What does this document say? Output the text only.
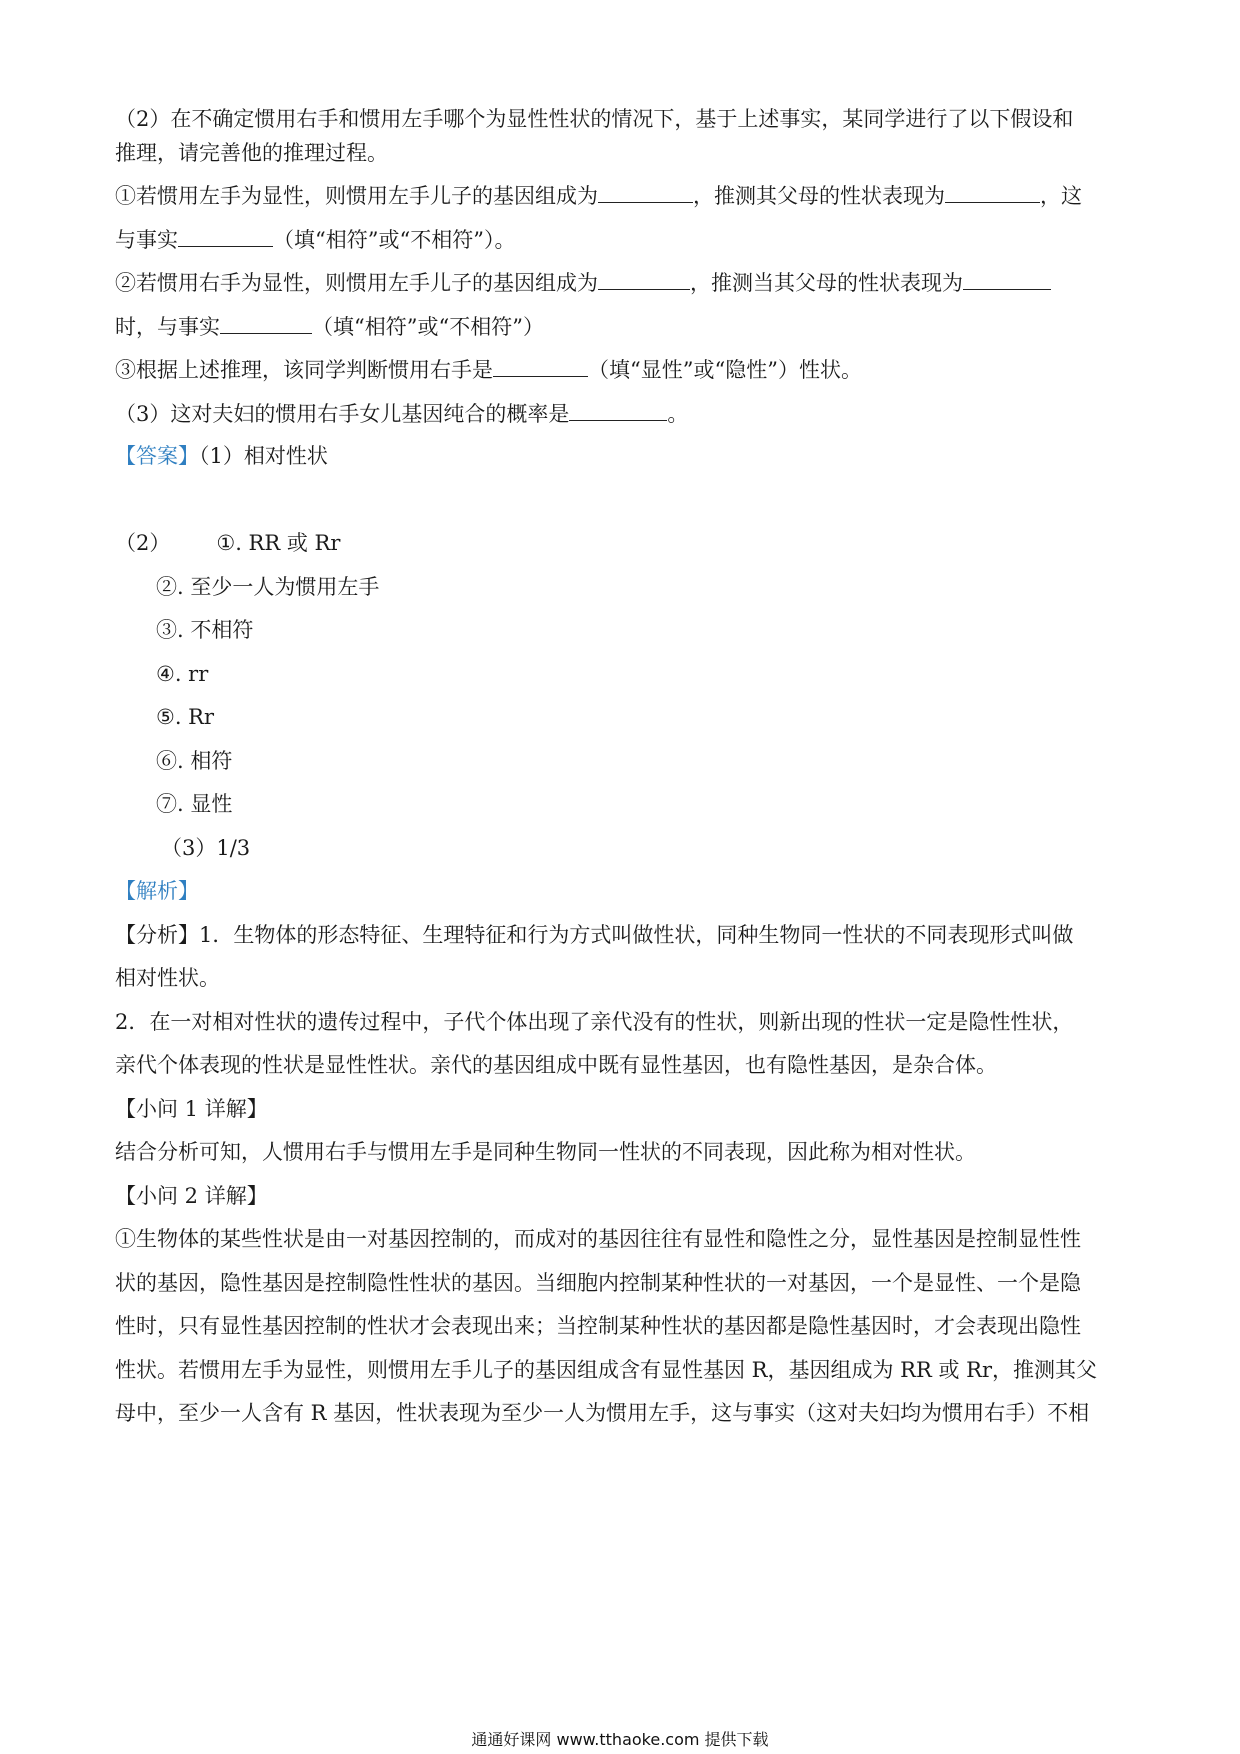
（2）在不确定惯用右手和惯用左手哪个为显性性状的情况下，基于上述事实，某同学进行了以下假设和
推理，请完善他的推理过程。
①若惯用左手为显性，则惯用左手儿子的基因组成为	，推测其父母的性状表现为	，这
与事实	（填“相符”或“不相符”）。
②若惯用右手为显性，则惯用左手儿子的基因组成为	，推测当其父母的性状表现为
时，与事实	（填“相符”或“不相符”）
③根据上述推理，该同学判断惯用右手是	（填“显性”或“隐性”）性状。
（3）这对夫妇的惯用右手女儿基因纯合的概率是	。
【答案】（1）相对性状
（2） ①. RR 或 Rr
②. 至少一人为惯用左手
③. 不相符
④. rr
⑤. Rr
⑥. 相符
⑦. 显性
（3）1/3
【解析】
【分析】1．生物体的形态特征、生理特征和行为方式叫做性状，同种生物同一性状的不同表现形式叫做
相对性状。
2．在一对相对性状的遗传过程中，子代个体出现了亲代没有的性状，则新出现的性状一定是隐性性状，
亲代个体表现的性状是显性性状。亲代的基因组成中既有显性基因，也有隐性基因，是杂合体。
【小问 1 详解】
结合分析可知，人惯用右手与惯用左手是同种生物同一性状的不同表现，因此称为相对性状。
【小问 2 详解】
①生物体的某些性状是由一对基因控制的，而成对的基因往往有显性和隐性之分，显性基因是控制显性性
状的基因，隐性基因是控制隐性性状的基因。当细胞内控制某种性状的一对基因，一个是显性、一个是隐
性时，只有显性基因控制的性状才会表现出来；当控制某种性状的基因都是隐性基因时，才会表现出隐性
性状。若惯用左手为显性，则惯用左手儿子的基因组成含有显性基因 R，基因组成为 RR 或 Rr，推测其父
母中，至少一人含有 R 基因，性状表现为至少一人为惯用左手，这与事实（这对夫妇均为惯用右手）不相
通通好课网 www.tthaoke.com 提供下载
